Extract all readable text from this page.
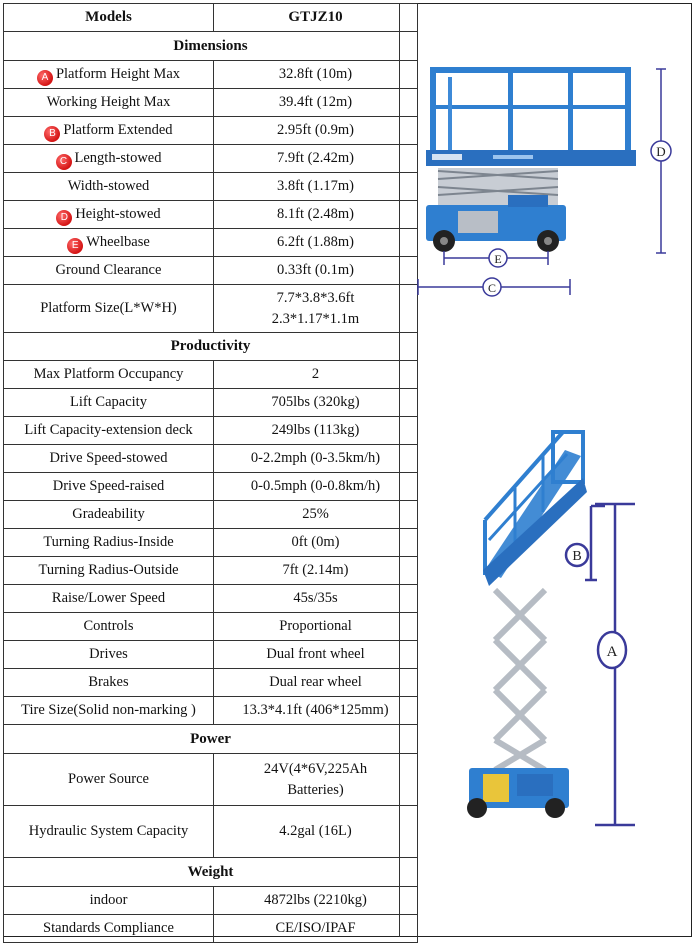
Models	GTJZ10
Dimensions	
A Platform Height Max	32.8ft (10m)

Working Height Max	39.4ft (12m)

B Platform Extended	2.95ft (0.9m)

C Length-stowed	7.9ft (2.42m)

Width-stowed	3.8ft (1.17m)

D Height-stowed	8.1ft (2.48m)

E Wheelbase	6.2ft (1.88m)

Ground Clearance	0.33ft (0.1m)

Platform Size(L*W*H)	7.7*3.8*3.6ft
2.3*1.17*1.1m

Productivity	
Max Platform Occupancy	2

Lift Capacity	705lbs (320kg)

Lift Capacity-extension deck	249lbs (113kg)

Drive Speed-stowed	0-2.2mph (0-3.5km/h)

Drive Speed-raised	0-0.5mph (0-0.8km/h)

Gradeability	25%

Turning Radius-Inside	0ft (0m)

Turning Radius-Outside	7ft (2.14m)

Raise/Lower Speed	45s/35s

Controls	Proportional

Drives	Dual front wheel

Brakes	Dual rear wheel

Tire Size(Solid non-marking )	13.3*4.1ft (406*125mm)

Power	
Power Source	24V(4*6V,225Ah
Batteries)

Hydraulic System Capacity	4.2gal (16L)

Weight	
indoor	4872lbs (2210kg)

Standards Compliance	CE/ISO/IPAF
D
E
C
B
A
